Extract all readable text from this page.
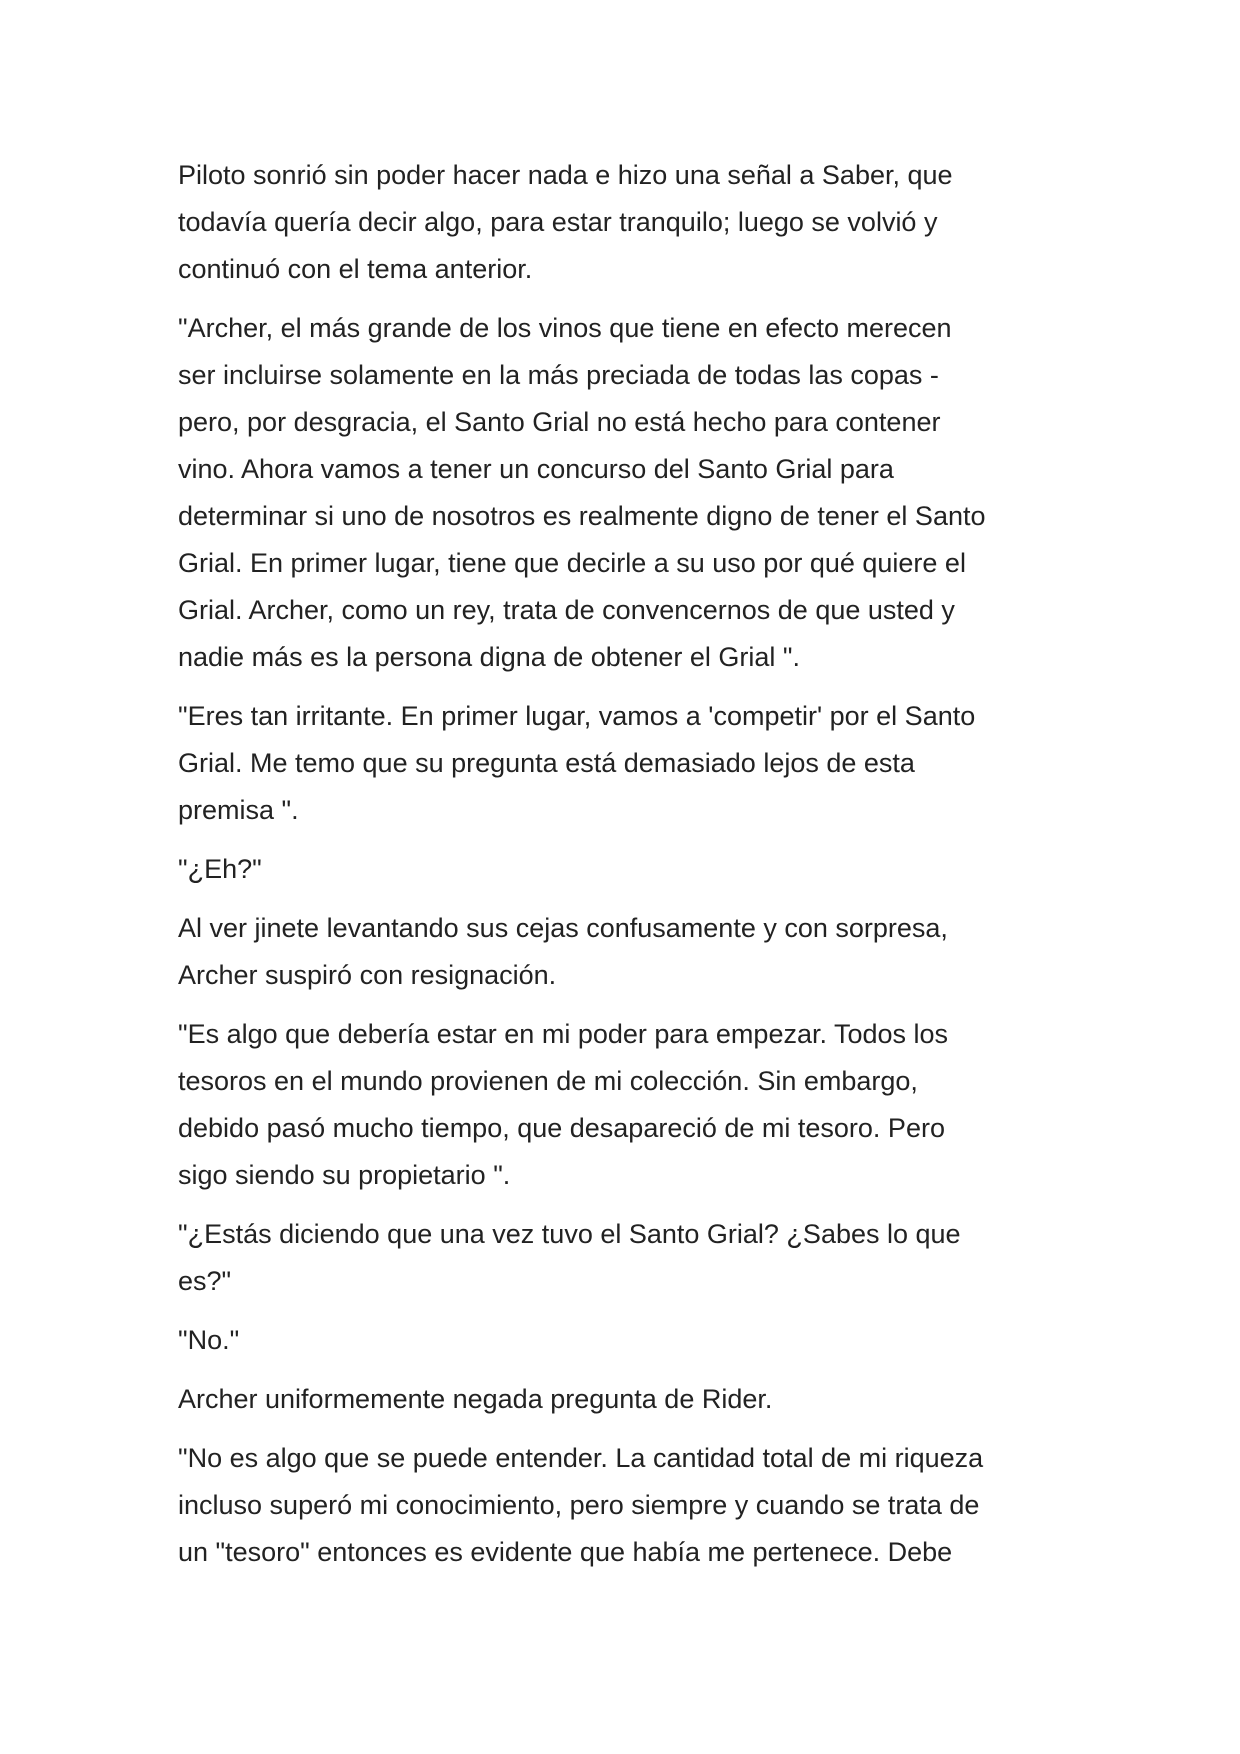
Piloto sonrió sin poder hacer nada e hizo una señal a Saber, que
todavía quería decir algo, para estar tranquilo; luego se volvió y
continuó con el tema anterior.

"Archer, el más grande de los vinos que tiene en efecto merecen
ser incluirse solamente en la más preciada de todas las copas -
pero, por desgracia, el Santo Grial no está hecho para contener
vino. Ahora vamos a tener un concurso del Santo Grial para
determinar si uno de nosotros es realmente digno de tener el Santo
Grial. En primer lugar, tiene que decirle a su uso por qué quiere el
Grial. Archer, como un rey, trata de convencernos de que usted y
nadie más es la persona digna de obtener el Grial ".

"Eres tan irritante. En primer lugar, vamos a 'competir' por el Santo
Grial. Me temo que su pregunta está demasiado lejos de esta
premisa ".

"¿Eh?"

Al ver jinete levantando sus cejas confusamente y con sorpresa,
Archer suspiró con resignación.

"Es algo que debería estar en mi poder para empezar. Todos los
tesoros en el mundo provienen de mi colección. Sin embargo,
debido pasó mucho tiempo, que desapareció de mi tesoro. Pero
sigo siendo su propietario ".

"¿Estás diciendo que una vez tuvo el Santo Grial? ¿Sabes lo que
es?"

"No."

Archer uniformemente negada pregunta de Rider.

"No es algo que se puede entender. La cantidad total de mi riqueza
incluso superó mi conocimiento, pero siempre y cuando se trata de
un "tesoro" entonces es evidente que había me pertenece. Debe
